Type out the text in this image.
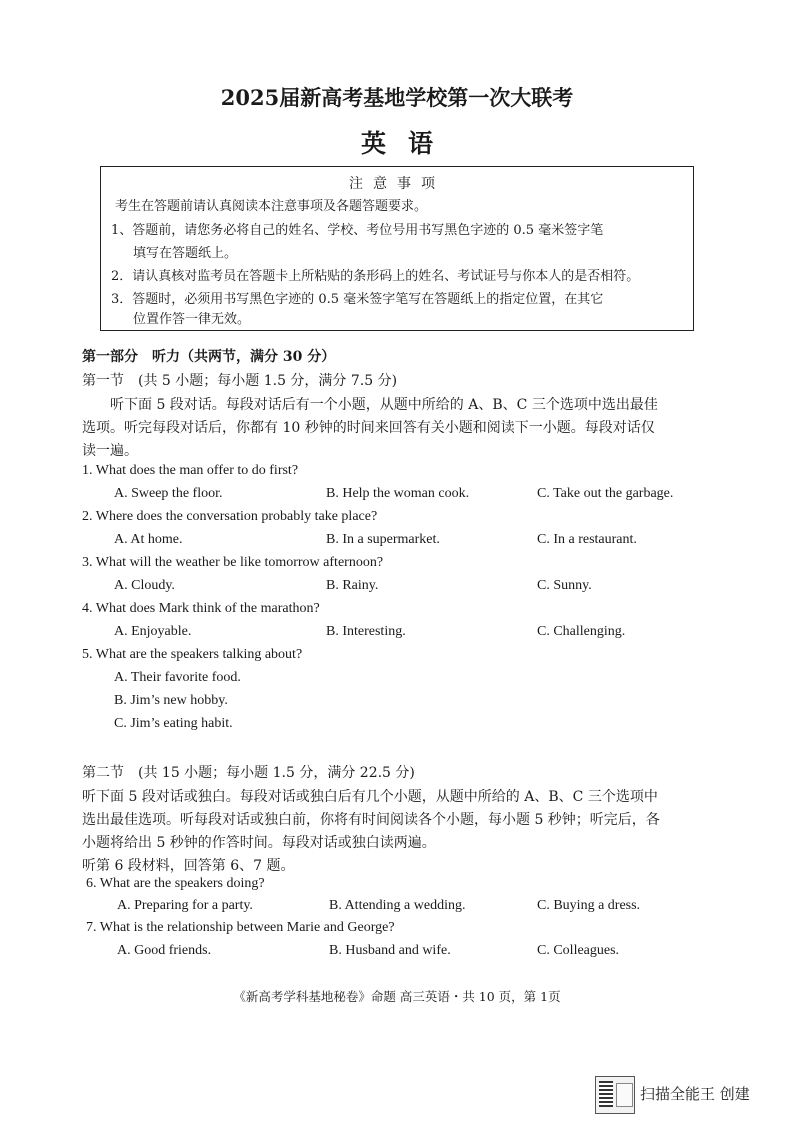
2025届新高考基地学校第一次大联考
英语
注意事项
考生在答题前请认真阅读本注意事项及各题答题要求。
1、答题前，请您务必将自己的姓名、学校、考位号用书写黑色字迹的 0.5 毫米签字笔
填写在答题纸上。
2．请认真核对监考员在答题卡上所粘贴的条形码上的姓名、考试证号与你本人的是否相符。
3．答题时，必须用书写黑色字迹的 0.5 毫米签字笔写在答题纸上的指定位置，在其它
位置作答一律无效。
第一部分　听力（共两节，满分 30 分）
第一节　(共 5 小题；每小题 1.5 分，满分 7.5 分)
听下面 5 段对话。每段对话后有一个小题，从题中所给的 A、B、C 三个选项中选出最佳
选项。听完每段对话后，你都有 10 秒钟的时间来回答有关小题和阅读下一小题。每段对话仅
读一遍。
1. What does the man offer to do first?
A. Sweep the floor.	B. Help the woman cook.	C. Take out the garbage.
2. Where does the conversation probably take place?
A. At home.	B. In a supermarket.	C. In a restaurant.
3. What will the weather be like tomorrow afternoon?
A. Cloudy.	B. Rainy.	C. Sunny.
4. What does Mark think of the marathon?
A. Enjoyable.	B. Interesting.	C. Challenging.
5. What are the speakers talking about?
A. Their favorite food.
B. Jim’s new hobby.
C. Jim’s eating habit.
第二节　(共 15 小题；每小题 1.5 分，满分 22.5 分)
听下面 5 段对话或独白。每段对话或独白后有几个小题，从题中所给的 A、B、C 三个选项中
选出最佳选项。听每段对话或独白前，你将有时间阅读各个小题，每小题 5 秒钟；听完后，各
小题将给出 5 秒钟的作答时间。每段对话或独白读两遍。
听第 6 段材料，回答第 6、7 题。
6. What are the speakers doing?
A. Preparing for a party.	B. Attending a wedding.	C. Buying a dress.
7. What is the relationship between Marie and George?
A. Good friends.	B. Husband and wife.	C. Colleagues.
《新高考学科基地秘卷》命题 高三英语・共 10 页，第 1页
扫描全能王 创建
